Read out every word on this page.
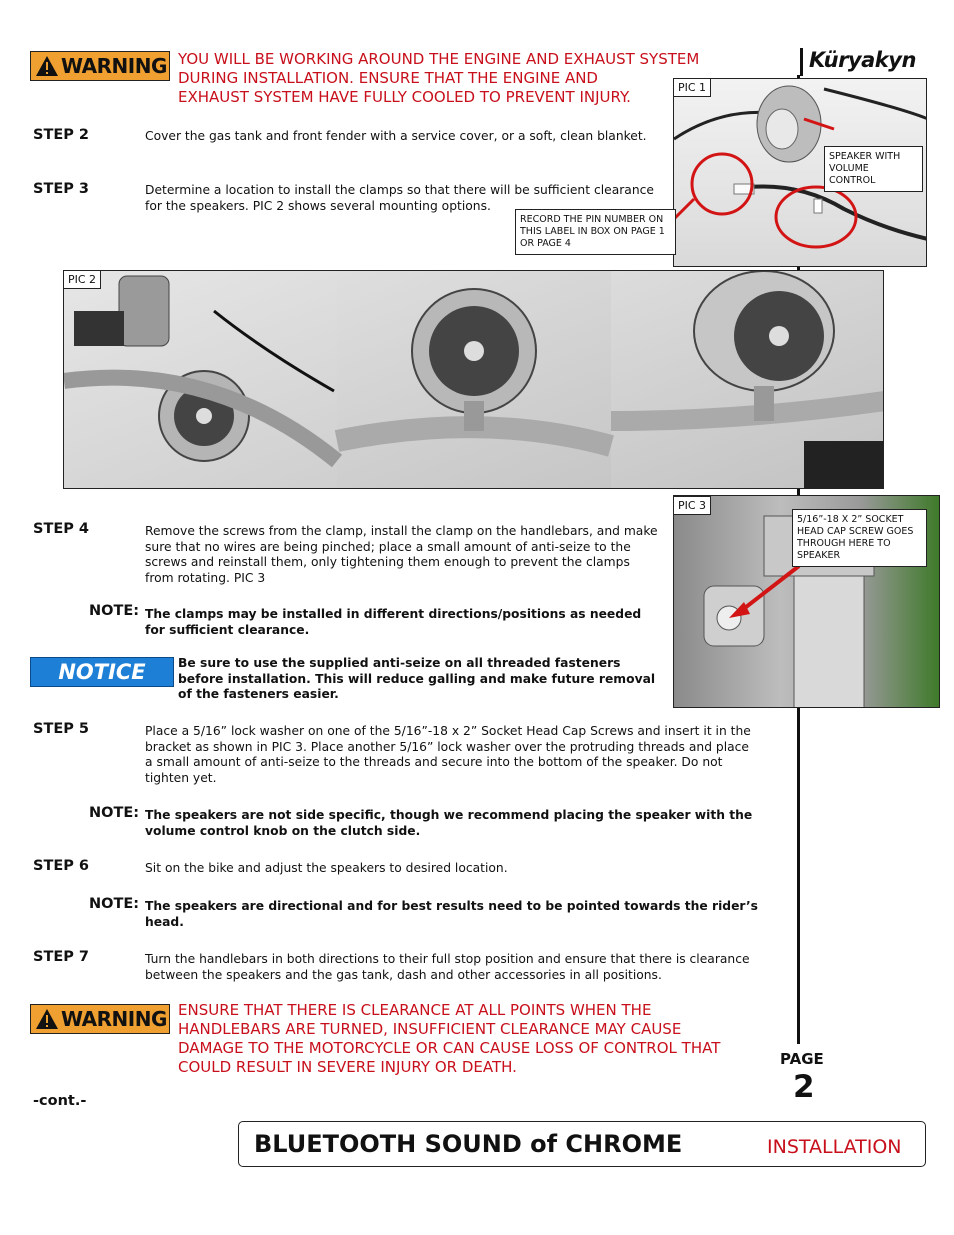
Küryakyn
WARNING YOU WILL BE WORKING AROUND THE ENGINE AND EXHAUST SYSTEM
DURING INSTALLATION. ENSURE THAT THE ENGINE AND
EXHAUST SYSTEM HAVE FULLY COOLED TO PREVENT INJURY.
PIC 1
SPEAKER WITH
VOLUME CONTROL
RECORD THE PIN NUMBER ON
THIS LABEL IN BOX ON PAGE 1
OR PAGE 4
STEP 2	Cover the gas tank and front fender with a service cover, or a soft, clean blanket.
STEP 3	Determine a location to install the clamps so that there will be sufficient clearance
for the speakers. PIC 2 shows several mounting options.
PIC 2
PIC 3
5/16”-18 X 2” SOCKET
HEAD CAP SCREW GOES
THROUGH HERE TO
SPEAKER
STEP 4	Remove the screws from the clamp, install the clamp on the handlebars, and make
sure that no wires are being pinched; place a small amount of anti-seize to the
screws and reinstall them, only tightening them enough to prevent the clamps
from rotating. PIC 3
NOTE: The clamps may be installed in different directions/positions as needed
for sufficient clearance.
NOTICE	Be sure to use the supplied anti-seize on all threaded fasteners
before installation. This will reduce galling and make future removal
of the fasteners easier.
STEP 5	Place a 5/16” lock washer on one of the 5/16”-18 x 2” Socket Head Cap Screws and insert it in the
bracket as shown in PIC 3. Place another 5/16” lock washer over the protruding threads and place
a small amount of anti-seize to the threads and secure into the bottom of the speaker. Do not
tighten yet.
NOTE: The speakers are not side specific, though we recommend placing the speaker with the
volume control knob on the clutch side.
STEP 6	Sit on the bike and adjust the speakers to desired location.
NOTE: The speakers are directional and for best results need to be pointed towards the rider’s
head.
STEP 7	Turn the handlebars in both directions to their full stop position and ensure that there is clearance
between the speakers and the gas tank, dash and other accessories in all positions.
WARNING ENSURE THAT THERE IS CLEARANCE AT ALL POINTS WHEN THE
HANDLEBARS ARE TURNED, INSUFFICIENT CLEARANCE MAY CAUSE
DAMAGE TO THE MOTORCYCLE OR CAN CAUSE LOSS OF CONTROL THAT
COULD RESULT IN SEVERE INJURY OR DEATH.	PAGE
2
-cont.-
BLUETOOTH SOUND of CHROME	INSTALLATION
